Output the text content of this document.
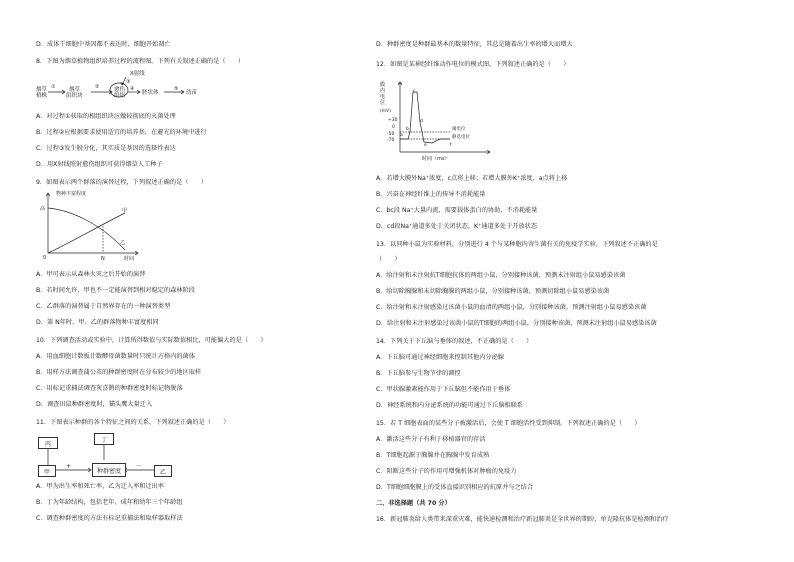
D．成体干细胞中基因都不表达时，细胞开始凋亡
8．下图为烟草植物组织培养过程的流程图。下列有关叙述正确的是（　　）
烟草
植株
烟草
组织块
愈伤
组织	胚状体	幼苗
X射线
①	②
③
④	⑤
A．对过程①获取的根组织块应做较彻底的灭菌处理
B．过程②应根据要求使用适宜的培养基，在避光的环境中进行
C．过程③发生脱分化，其实质是基因的选择性表达
D．用X射线照射愈伤组织可获得烟草人工种子
9．如图表示两个群落的演替过程，下列叙述正确的是（　　）
物种丰富程度
高	甲
乙
0	N	时间
A．甲可表示从森林火灾之后开始的演替
B．若时间允许，甲也不一定能演替到相对稳定的森林阶段
C．乙群落的演替属于自然界存在的一种演替类型
D．第 N年时，甲、乙的群落物种丰富度相同
10．下列调查活动或实验中，计算所得数值与实际数值相比，可能偏大的是（　　）
A．用血细胞计数板计数酵母菌数量时只统计方格内的菌体
B．用样方法调查蒲公英的种群密度时在分布较少的地区取样
C．用标记重捕法调查灰喜鹊的种群密度时标记物脱落
D．调查田鼠种群密度时，猫头鹰大量迁入
11．下图表示种群的各个特征之间的关系，下列叙述正确的是（　　）
+	－
丙
丁
甲	种群密度	乙
A．甲为出生率和死亡率，乙为迁入率和迁出率
B．丁为年龄结构，包括老年、成年和幼年三个年龄组
C．调查种群密度的方法有标记重捕法和取样器取样法
D．种群密度是种群最基本的数量特征，其总是随着出生率的增大而增大
12．如图是某神经纤维动作电位的模式图，下列叙述正确的是（　　）
膜
内
电
位
(mV)
+30
0
-50
-70
a
b
c
d
e	f
阈电位
静息电位
时间（ms）
A．若增大膜外Na⁺浓度，c点将上移；若增大膜外K⁺浓度，a点将上移
B．兴奋在神经纤维上的传导不消耗能量
C．bc段 Na⁺大量内流，需要载体蛋白的协助，不消耗能量
D．cd段Na⁺通道多处于关闭状态，K⁺通道多处于开放状态
13．以同种小鼠为实验材料，分别进行 4 个与某种胞内寄生菌有关的免疫学实验，下列叙述不正确的是
（　　）
A．给注射和未注射抗T细胞抗体的两组小鼠，分别接种该菌，预测未注射组小鼠易感染该菌
B．给切除胸腺和未切除胸腺的两组小鼠，分别接种该菌，预测切除组小鼠易感染该菌
C．给注射和未注射感染过该菌小鼠的血清的两组小鼠，分别接种该菌，预测注射组小鼠易感染该菌
D．给注射和未注射感染过该菌小鼠的T细胞的两组小鼠，分别接种该菌，预测未注射组小鼠易感染该菌
14．下列关于下丘脑与垂体的叙述，不正确的是（　　）
A．下丘脑可通过神经细胞来控制其他内分泌腺
B．下丘脑参与生物节律的调控
C．甲状腺激素能作用于下丘脑但不能作用于垂体
D．神经系统和内分泌系统的功能可通过下丘脑相联系
15．若 T 细胞表面的某些分子被激活后，会使 T 细胞活性受到抑制。下列叙述正确的是（　　）
A．激活这些分子有利于移植器官的存活
B．T细胞起源于胸腺并在胸腺中发育成熟
C．阻断这些分子的作用可增强机体对肿瘤的免疫力
D．T细胞细胞膜上的受体直接识别相应的抗原并与之结合
二、非选择题（共 70 分）
16．新冠肺炎给人类带来深重灾难，能快速检测和治疗新冠肺炎是全世界的期盼，单克隆抗体是检测和治疗
